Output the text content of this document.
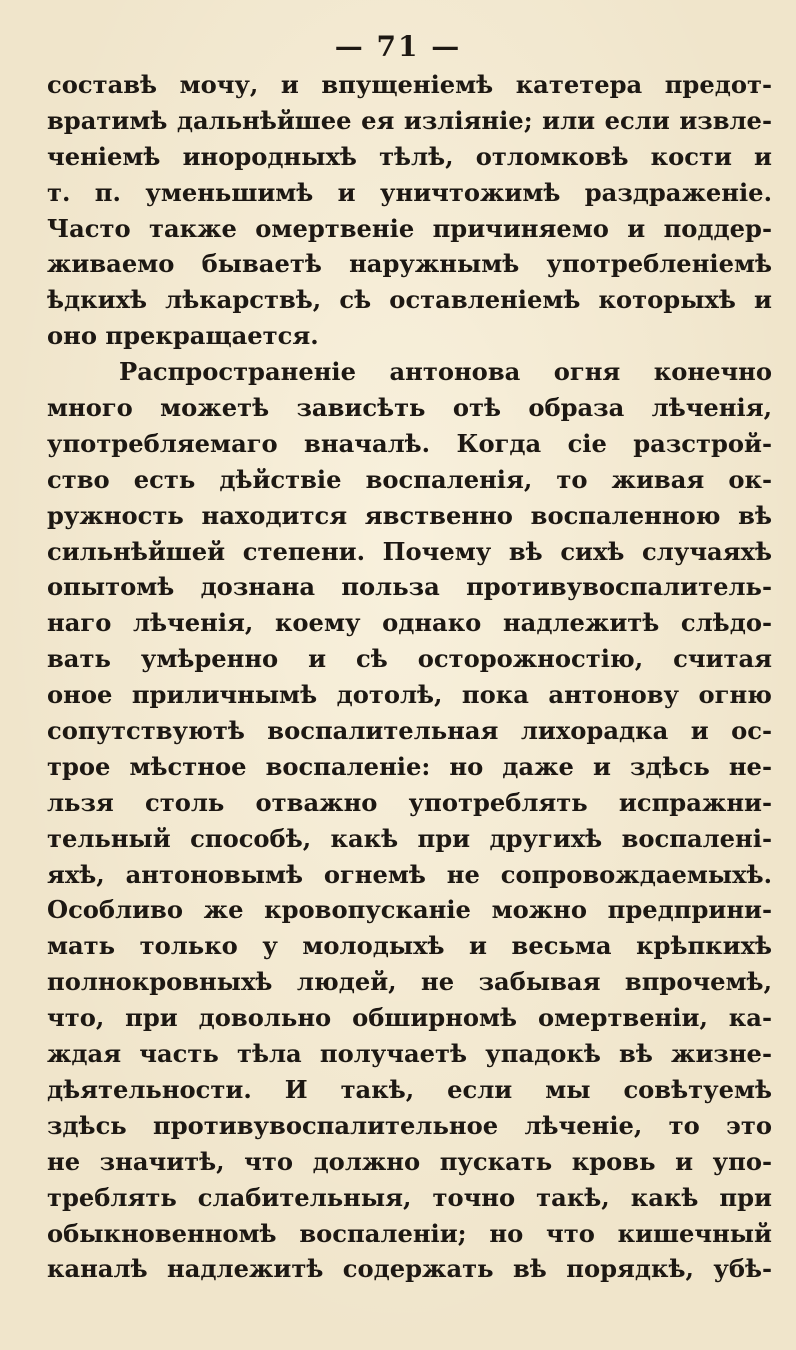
— 71 —
составѣ мочу, и впущеніемѣ катетера предот-
вратимѣ дальнѣйшее ея изліяніе; или если извле-
ченіемѣ инородныхѣ тѣлѣ, отломковѣ кости и
т. п. уменьшимѣ и уничтожимѣ раздраженіе.
Часто также омертвеніе причиняемо и поддер-
живаемо бываетѣ наружнымѣ употребленіемѣ
ѣдкихѣ лѣкарствѣ, сѣ оставленіемѣ которыхѣ и
оно прекращается.
Распространеніе антонова огня конечно
много можетѣ зависѣть отѣ образа лѣченія,
употребляемаго вначалѣ. Когда сіе разстрой-
ство есть дѣйствіе воспаленія, то живая ок-
ружность находится явственно воспаленною вѣ
сильнѣйшей степени. Почему вѣ сихѣ случаяхѣ
опытомѣ дознана польза противувоспалитель-
наго лѣченія, коему однако надлежитѣ слѣдо-
вать умѣренно и сѣ осторожностію, считая
оное приличнымѣ дотолѣ, пока антонову огню
сопутствуютѣ воспалительная лихорадка и ос-
трое мѣстное воспаленіе: но даже и здѣсь не-
льзя столь отважно употреблять испражни-
тельный способѣ, какѣ при другихѣ воспалені-
яхѣ, антоновымѣ огнемѣ не сопровождаемыхѣ.
Особливо же кровопусканіе можно предприни-
мать только у молодыхѣ и весьма крѣпкихѣ
полнокровныхѣ людей, не забывая впрочемѣ,
что, при довольно обширномѣ омертвеніи, ка-
ждая часть тѣла получаетѣ упадокѣ вѣ жизне-
дѣятельности. И такѣ, если мы совѣтуемѣ
здѣсь противувоспалительное лѣченіе, то это
не значитѣ, что должно пускать кровь и упо-
треблять слабительныя, точно такѣ, какѣ при
обыкновенномѣ воспаленіи; но что кишечный
каналѣ надлежитѣ содержать вѣ порядкѣ, убѣ-
